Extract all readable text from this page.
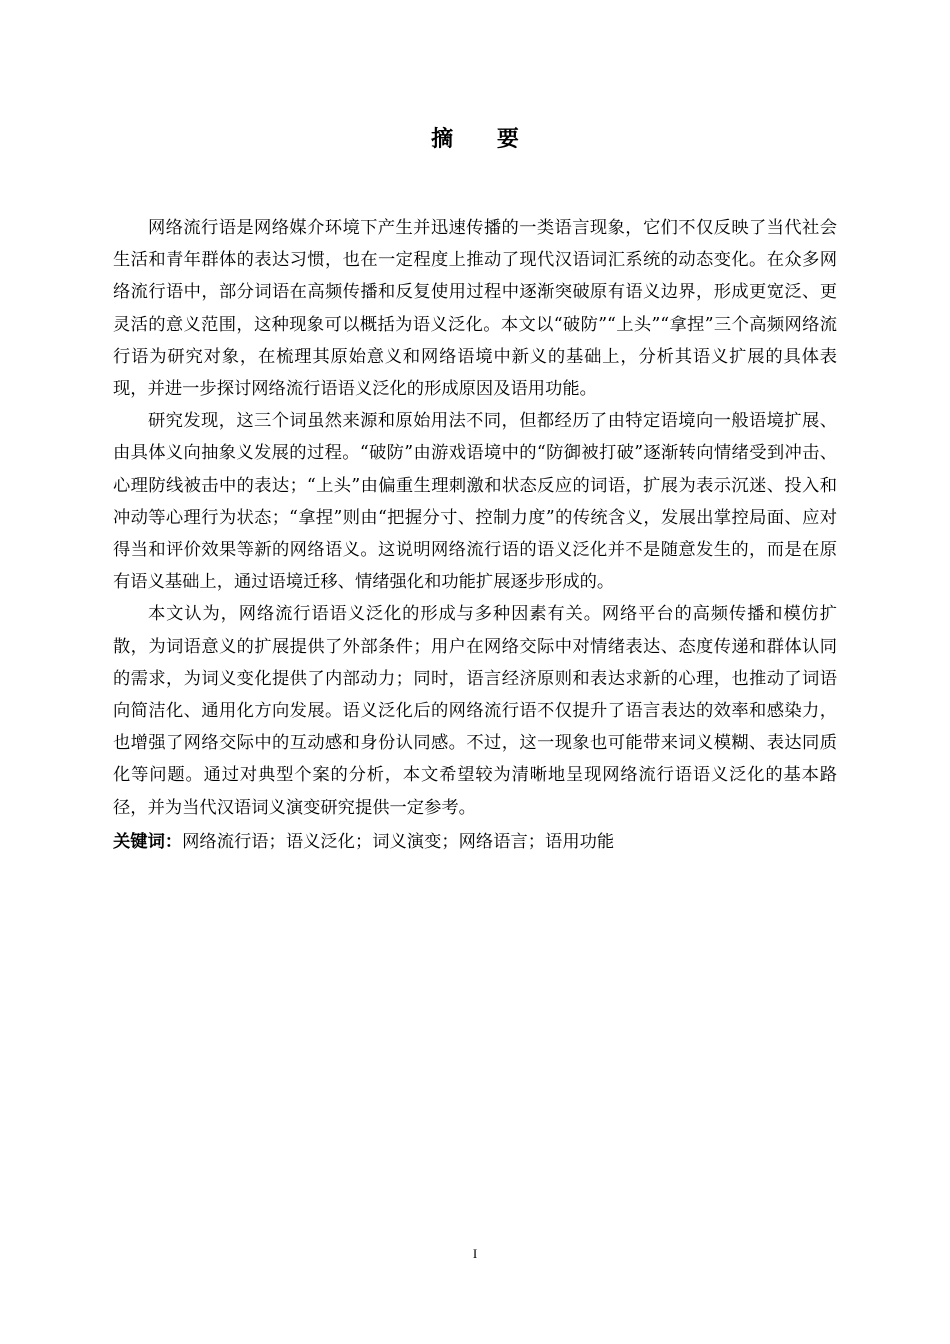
摘 要

网络流行语是网络媒介环境下产生并迅速传播的一类语言现象，它们不仅反映了当代社会生活和青年群体的表达习惯，也在一定程度上推动了现代汉语词汇系统的动态变化。在众多网络流行语中，部分词语在高频传播和反复使用过程中逐渐突破原有语义边界，形成更宽泛、更灵活的意义范围，这种现象可以概括为语义泛化。本文以“破防”“上头”“拿捏”三个高频网络流行语为研究对象，在梳理其原始意义和网络语境中新义的基础上，分析其语义扩展的具体表现，并进一步探讨网络流行语语义泛化的形成原因及语用功能。

研究发现，这三个词虽然来源和原始用法不同，但都经历了由特定语境向一般语境扩展、由具体义向抽象义发展的过程。“破防”由游戏语境中的“防御被打破”逐渐转向情绪受到冲击、心理防线被击中的表达；“上头”由偏重生理刺激和状态反应的词语，扩展为表示沉迷、投入和冲动等心理行为状态；“拿捏”则由“把握分寸、控制力度”的传统含义，发展出掌控局面、应对得当和评价效果等新的网络语义。这说明网络流行语的语义泛化并不是随意发生的，而是在原有语义基础上，通过语境迁移、情绪强化和功能扩展逐步形成的。

本文认为，网络流行语语义泛化的形成与多种因素有关。网络平台的高频传播和模仿扩散，为词语意义的扩展提供了外部条件；用户在网络交际中对情绪表达、态度传递和群体认同的需求，为词义变化提供了内部动力；同时，语言经济原则和表达求新的心理，也推动了词语向简洁化、通用化方向发展。语义泛化后的网络流行语不仅提升了语言表达的效率和感染力，也增强了网络交际中的互动感和身份认同感。不过，这一现象也可能带来词义模糊、表达同质化等问题。通过对典型个案的分析，本文希望较为清晰地呈现网络流行语语义泛化的基本路径，并为当代汉语词义演变研究提供一定参考。

关键词：网络流行语；语义泛化；词义演变；网络语言；语用功能

I
